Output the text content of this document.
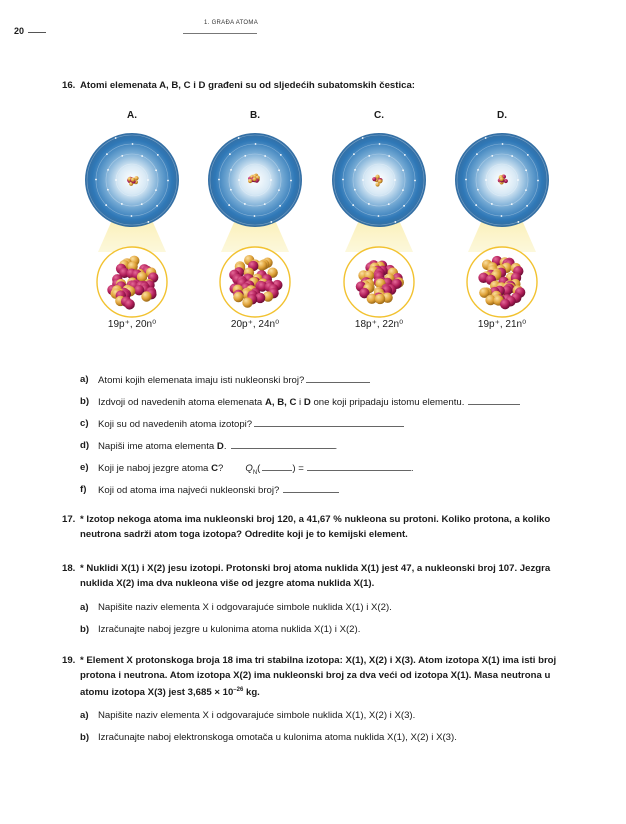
20
1. GRAĐA ATOMA
16. Atomi elemenata A, B, C i D građeni su od sljedećih subatomskih čestica:
A.	B.	C.	D.
19p⁺, 20n⁰	20p⁺, 24n⁰	18p⁺, 22n⁰	19p⁺, 21n⁰
a) Atomi kojih elemenata imaju isti nukleonski broj?
b) Izdvoji od navedenih atoma elemenata A, B, C i D one koji pripadaju istomu elementu.
c) Koji su od navedenih atoma izotopi?
d) Napiši ime atoma elementa D.	.
e) Koji je naboj jezgre atoma C? $Q_N$(	) =	.
f) Koji od atoma ima najveći nukleonski broj?
17. * Izotop nekoga atoma ima nukleonski broj 120, a 41,67 % nukleona su protoni. Koliko protona, a koliko neutrona sadrži atom toga izotopa? Odredite koji je to kemijski element.
18. * Nuklidi X(1) i X(2) jesu izotopi. Protonski broj atoma nuklida X(1) jest 47, a nukleonski broj 107. Jezgra nuklida X(2) ima dva nukleona više od jezgre atoma nuklida X(1).
a) Napišite naziv elementa X i odgovarajuće simbole nuklida X(1) i X(2).
b) Izračunajte naboj jezgre u kulonima atoma nuklida X(1) i X(2).
19. * Element X protonskoga broja 18 ima tri stabilna izotopa: X(1), X(2) i X(3). Atom izotopa X(1) ima isti broj protona i neutrona. Atom izotopa X(2) ima nukleonski broj za dva veći od izotopa X(1). Masa neutrona u atomu izotopa X(3) jest $3,685 \times 10^{-26}$ kg.
a) Napišite naziv elementa X i odgovarajuće simbole nuklida X(1), X(2) i X(3).
b) Izračunajte naboj elektronskoga omotača u kulonima atoma nuklida X(1), X(2) i X(3).
